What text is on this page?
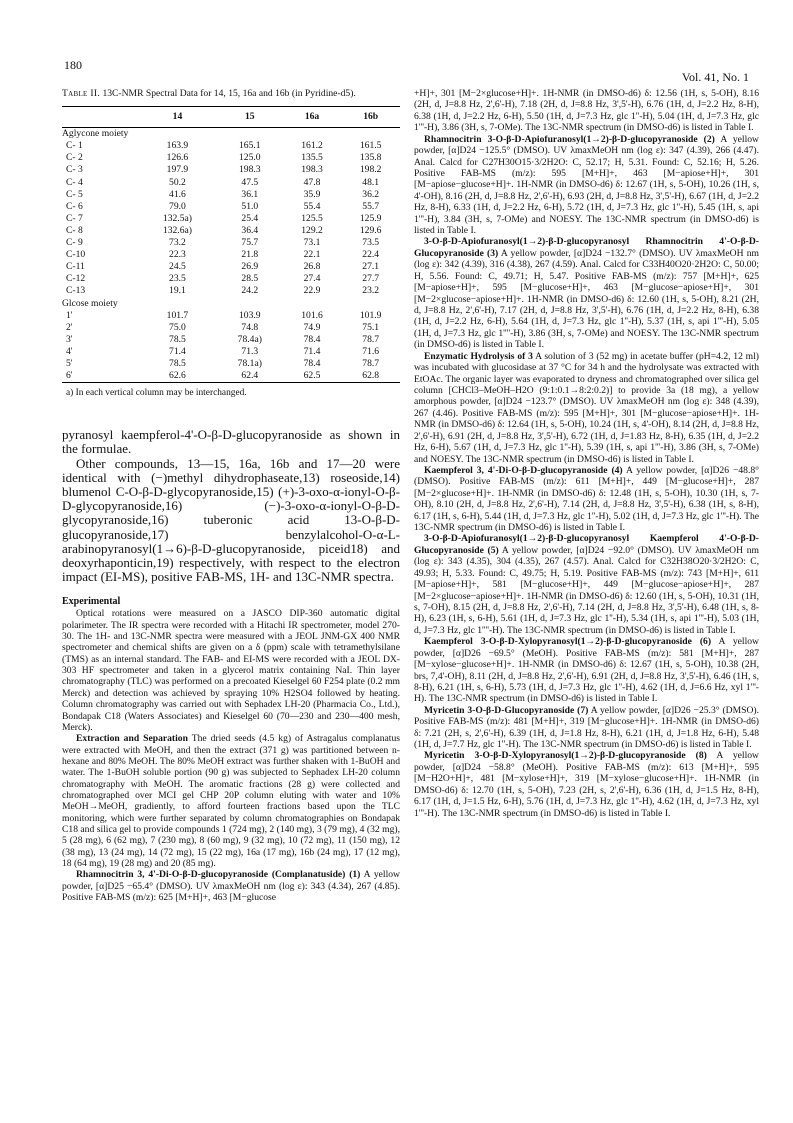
180
Vol. 41, No. 1
Table II. 13C-NMR Spectral Data for 14, 15, 16a and 16b (in Pyridine-d5).
	14	15	16a	16b
Aglycone moiety				
C- 1	163.9	165.1	161.2	161.5
C- 2	126.6	125.0	135.5	135.8
C- 3	197.9	198.3	198.3	198.2
C- 4	50.2	47.5	47.8	48.1
C- 5	41.6	36.1	35.9	36.2
C- 6	79.0	51.0	55.4	55.7
C- 7	132.5a)	25.4	125.5	125.9
C- 8	132.6a)	36.4	129.2	129.6
C- 9	73.2	75.7	73.1	73.5
C-10	22.3	21.8	22.1	22.4
C-11	24.5	26.9	26.8	27.1
C-12	23.5	28.5	27.4	27.7
C-13	19.1	24.2	22.9	23.2
Glcose moiety				
1'	101.7	103.9	101.6	101.9
2'	75.0	74.8	74.9	75.1
3'	78.5	78.4a)	78.4	78.7
4'	71.4	71.3	71.4	71.6
5'	78.5	78.1a)	78.4	78.7
6'	62.6	62.4	62.5	62.8
a) In each vertical column may be interchanged.

pyranosyl kaempferol-4'-O-β-D-glucopyranoside as shown in the formulae.

Other compounds, 13—15, 16a, 16b and 17—20 were identical with (−)methyl dihydrophaseate,13) roseoside,14) blumenol C-O-β-D-glycopyranoside,15) (+)-3-oxo-α-ionyl-O-β-D-glycopyranoside,16) (−)-3-oxo-α-ionyl-O-β-D-glycopyranoside,16) tuberonic acid 13-O-β-D-glucopyranoside,17) benzylalcohol-O-α-L-arabinopyranosyl(1→6)-β-D-glucopyranoside, piceid18) and deoxyrhaponticin,19) respectively, with respect to the electron impact (EI-MS), positive FAB-MS, 1H- and 13C-NMR spectra.

Experimental

Optical rotations were measured on a JASCO DIP-360 automatic digital polarimeter. The IR spectra were recorded with a Hitachi IR spectrometer, model 270-30. The 1H- and 13C-NMR spectra were measured with a JEOL JNM-GX 400 NMR spectrometer and chemical shifts are given on a δ (ppm) scale with tetramethylsilane (TMS) as an internal standard. The FAB- and EI-MS were recorded with a JEOL DX-303 HF spectrometer and taken in a glycerol matrix containing NaI. Thin layer chromatography (TLC) was performed on a precoated Kieselgel 60 F254 plate (0.2 mm Merck) and detection was achieved by spraying 10% H2SO4 followed by heating. Column chromatography was carried out with Sephadex LH-20 (Pharmacia Co., Ltd.), Bondapak C18 (Waters Associates) and Kieselgel 60 (70—230 and 230—400 mesh, Merck).

Extraction and Separation The dried seeds (4.5 kg) of Astragalus complanatus were extracted with MeOH, and then the extract (371 g) was partitioned between n-hexane and 80% MeOH. The 80% MeOH extract was further shaken with 1-BuOH and water. The 1-BuOH soluble portion (90 g) was subjected to Sephadex LH-20 column chromatography with MeOH. The aromatic fractions (28 g) were collected and chromatographed over MCI gel CHP 20P column eluting with water and 10% MeOH→MeOH, gradiently, to afford fourteen fractions based upon the TLC monitoring, which were further separated by column chromatographies on Bondapak C18 and silica gel to provide compounds 1 (724 mg), 2 (140 mg), 3 (79 mg), 4 (32 mg), 5 (28 mg), 6 (62 mg), 7 (230 mg), 8 (60 mg), 9 (32 mg), 10 (72 mg), 11 (150 mg), 12 (38 mg), 13 (24 mg), 14 (72 mg), 15 (22 mg), 16a (17 mg), 16b (24 mg), 17 (12 mg), 18 (64 mg), 19 (28 mg) and 20 (85 mg).

Rhamnocitrin 3, 4'-Di-O-β-D-glucopyranoside (Complanatuside) (1) A yellow powder, [α]D25 −65.4° (DMSO). UV λmaxMeOH nm (log ε): 343 (4.34), 267 (4.85). Positive FAB-MS (m/z): 625 [M+H]+, 463 [M−glucose

+H]+, 301 [M−2×glucose+H]+. 1H-NMR (in DMSO-d6) δ: 12.56 (1H, s, 5-OH), 8.16 (2H, d, J=8.8 Hz, 2',6'-H), 7.18 (2H, d, J=8.8 Hz, 3',5'-H), 6.76 (1H, d, J=2.2 Hz, 8-H), 6.38 (1H, d, J=2.2 Hz, 6-H), 5.50 (1H, d, J=7.3 Hz, glc 1''-H), 5.04 (1H, d, J=7.3 Hz, glc 1'''-H), 3.86 (3H, s, 7-OMe). The 13C-NMR spectrum (in DMSO-d6) is listed in Table I.

Rhamnocitrin 3-O-β-D-Apiofuranosyl(1→2)-β-D-glucopyranoside (2) A yellow powder, [α]D24 −125.5° (DMSO). UV λmaxMeOH nm (log ε): 347 (4.39), 266 (4.47). Anal. Calcd for C27H30O15·3/2H2O: C, 52.17; H, 5.31. Found: C, 52.16; H, 5.26. Positive FAB-MS (m/z): 595 [M+H]+, 463 [M−apiose+H]+, 301 [M−apiose−glucose+H]+. 1H-NMR (in DMSO-d6) δ: 12.67 (1H, s, 5-OH), 10.26 (1H, s, 4'-OH), 8.16 (2H, d, J=8.8 Hz, 2',6'-H), 6.93 (2H, d, J=8.8 Hz, 3',5'-H), 6.67 (1H, d, J=2.2 Hz, 8-H), 6.33 (1H, d, J=2.2 Hz, 6-H), 5.72 (1H, d, J=7.3 Hz, glc 1''-H), 5.45 (1H, s, api 1'''-H), 3.84 (3H, s, 7-OMe) and NOESY. The 13C-NMR spectrum (in DMSO-d6) is listed in Table I.

3-O-β-D-Apiofuranosyl(1→2)-β-D-glucopyranosyl Rhamnocitrin 4'-O-β-D-Glucopyranoside (3) A yellow powder, [α]D24 −132.7° (DMSO). UV λmaxMeOH nm (log ε): 342 (4.39), 316 (4.38), 267 (4.59). Anal. Calcd for C33H40O20·2H2O: C, 50.00; H, 5.56. Found: C, 49.71; H, 5.47. Positive FAB-MS (m/z): 757 [M+H]+, 625 [M−apiose+H]+, 595 [M−glucose+H]+, 463 [M−glucose−apiose+H]+, 301 [M−2×glucose−apiose+H]+. 1H-NMR (in DMSO-d6) δ: 12.60 (1H, s, 5-OH), 8.21 (2H, d, J=8.8 Hz, 2',6'-H), 7.17 (2H, d, J=8.8 Hz, 3',5'-H), 6.76 (1H, d, J=2.2 Hz, 8-H), 6.38 (1H, d, J=2.2 Hz, 6-H), 5.64 (1H, d, J=7.3 Hz, glc 1''-H), 5.37 (1H, s, api 1'''-H), 5.05 (1H, d, J=7.3 Hz, glc 1''''-H), 3.86 (3H, s, 7-OMe) and NOESY. The 13C-NMR spectrum (in DMSO-d6) is listed in Table I.

Enzymatic Hydrolysis of 3 A solution of 3 (52 mg) in acetate buffer (pH=4.2, 12 ml) was incubated with glucosidase at 37 °C for 34 h and the hydrolysate was extracted with EtOAc. The organic layer was evaporated to dryness and chromatographed over silica gel column [CHCl3–MeOH–H2O (9:1:0.1→8:2:0.2)] to provide 3a (18 mg), a yellow amorphous powder, [α]D24 −123.7° (DMSO). UV λmaxMeOH nm (log ε): 348 (4.39), 267 (4.46). Positive FAB-MS (m/z): 595 [M+H]+, 301 [M−glucose−apiose+H]+. 1H-NMR (in DMSO-d6) δ: 12.64 (1H, s, 5-OH), 10.24 (1H, s, 4'-OH), 8.14 (2H, d, J=8.8 Hz, 2',6'-H), 6.91 (2H, d, J=8.8 Hz, 3',5'-H), 6.72 (1H, d, J=1.83 Hz, 8-H), 6.35 (1H, d, J=2.2 Hz, 6-H), 5.67 (1H, d, J=7.3 Hz, glc 1''-H), 5.39 (1H, s, api 1'''-H), 3.86 (3H, s, 7-OMe) and NOESY. The 13C-NMR spectrum (in DMSO-d6) is listed in Table I.

Kaempferol 3, 4'-Di-O-β-D-glucopyranoside (4) A yellow powder, [α]D26 −48.8° (DMSO). Positive FAB-MS (m/z): 611 [M+H]+, 449 [M−glucose+H]+, 287 [M−2×glucose+H]+. 1H-NMR (in DMSO-d6) δ: 12.48 (1H, s, 5-OH), 10.30 (1H, s, 7-OH), 8.10 (2H, d, J=8.8 Hz, 2',6'-H), 7.14 (2H, d, J=8.8 Hz, 3',5'-H), 6.38 (1H, s, 8-H), 6.17 (1H, s, 6-H), 5.44 (1H, d, J=7.3 Hz, glc 1''-H), 5.02 (1H, d, J=7.3 Hz, glc 1'''-H). The 13C-NMR spectrum (in DMSO-d6) is listed in Table I.

3-O-β-D-Apiofuranosyl(1→2)-β-D-glucopyranosyl Kaempferol 4'-O-β-D-Glucopyranoside (5) A yellow powder, [α]D24 −92.0° (DMSO). UV λmaxMeOH nm (log ε): 343 (4.35), 304 (4.35), 267 (4.57). Anal. Calcd for C32H38O20·3/2H2O: C, 49.93; H, 5.33. Found: C, 49.75; H, 5.19. Positive FAB-MS (m/z): 743 [M+H]+, 611 [M−apiose+H]+, 581 [M−glucose+H]+, 449 [M−glucose−apiose+H]+, 287 [M−2×glucose−apiose+H]+. 1H-NMR (in DMSO-d6) δ: 12.60 (1H, s, 5-OH), 10.31 (1H, s, 7-OH), 8.15 (2H, d, J=8.8 Hz, 2',6'-H), 7.14 (2H, d, J=8.8 Hz, 3',5'-H), 6.48 (1H, s, 8-H), 6.23 (1H, s, 6-H), 5.61 (1H, d, J=7.3 Hz, glc 1''-H), 5.34 (1H, s, api 1'''-H), 5.03 (1H, d, J=7.3 Hz, glc 1''''-H). The 13C-NMR spectrum (in DMSO-d6) is listed in Table I.

Kaempferol 3-O-β-D-Xylopyranosyl(1→2)-β-D-glucopyranoside (6) A yellow powder, [α]D26 −69.5° (MeOH). Positive FAB-MS (m/z): 581 [M+H]+, 287 [M−xylose−glucose+H]+. 1H-NMR (in DMSO-d6) δ: 12.67 (1H, s, 5-OH), 10.38 (2H, brs, 7,4'-OH), 8.11 (2H, d, J=8.8 Hz, 2',6'-H), 6.91 (2H, d, J=8.8 Hz, 3',5'-H), 6.46 (1H, s, 8-H), 6.21 (1H, s, 6-H), 5.73 (1H, d, J=7.3 Hz, glc 1''-H), 4.62 (1H, d, J=6.6 Hz, xyl 1'''-H). The 13C-NMR spectrum (in DMSO-d6) is listed in Table I.

Myricetin 3-O-β-D-Glucopyranoside (7) A yellow powder, [α]D26 −25.3° (DMSO). Positive FAB-MS (m/z): 481 [M+H]+, 319 [M−glucose+H]+. 1H-NMR (in DMSO-d6) δ: 7.21 (2H, s, 2',6'-H), 6.39 (1H, d, J=1.8 Hz, 8-H), 6.21 (1H, d, J=1.8 Hz, 6-H), 5.48 (1H, d, J=7.7 Hz, glc 1''-H). The 13C-NMR spectrum (in DMSO-d6) is listed in Table I.

Myricetin 3-O-β-D-Xylopyranosyl(1→2)-β-D-glucopyranoside (8) A yellow powder, [α]D24 −58.8° (MeOH). Positive FAB-MS (m/z): 613 [M+H]+, 595 [M−H2O+H]+, 481 [M−xylose+H]+, 319 [M−xylose−glucose+H]+. 1H-NMR (in DMSO-d6) δ: 12.70 (1H, s, 5-OH), 7.23 (2H, s, 2',6'-H), 6.36 (1H, d, J=1.5 Hz, 8-H), 6.17 (1H, d, J=1.5 Hz, 6-H), 5.76 (1H, d, J=7.3 Hz, glc 1''-H), 4.62 (1H, d, J=7.3 Hz, xyl 1'''-H). The 13C-NMR spectrum (in DMSO-d6) is listed in Table I.
